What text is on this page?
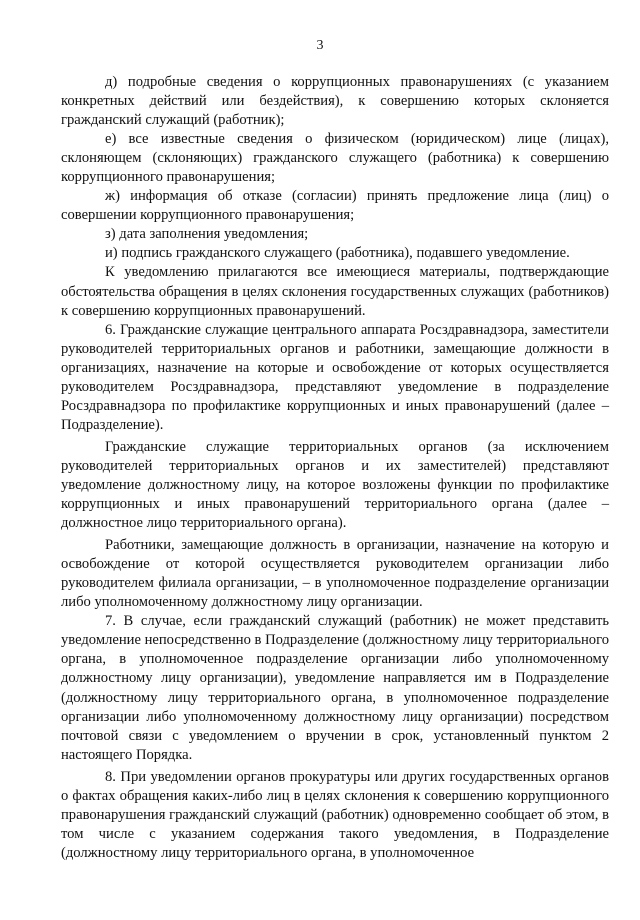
3

д) подробные сведения о коррупционных правонарушениях (с указанием конкретных действий или бездействия), к совершению которых склоняется гражданский служащий (работник);

е) все известные сведения о физическом (юридическом) лице (лицах), склоняющем (склоняющих) гражданского служащего (работника) к совершению коррупционного правонарушения;

ж) информация об отказе (согласии) принять предложение лица (лиц) о совершении коррупционного правонарушения;

з) дата заполнения уведомления;

и) подпись гражданского служащего (работника), подавшего уведомление.

К уведомлению прилагаются все имеющиеся материалы, подтверждающие обстоятельства обращения в целях склонения государственных служащих (работников) к совершению коррупционных правонарушений.

6. Гражданские служащие центрального аппарата Росздравнадзора, заместители руководителей территориальных органов и работники, замещающие должности в организациях, назначение на которые и освобождение от которых осуществляется руководителем Росздравнадзора, представляют уведомление в подразделение Росздравнадзора по профилактике коррупционных и иных правонарушений (далее – Подразделение).

Гражданские служащие территориальных органов (за исключением руководителей территориальных органов и их заместителей) представляют уведомление должностному лицу, на которое возложены функции по профилактике коррупционных и иных правонарушений территориального органа (далее – должностное лицо территориального органа).

Работники, замещающие должность в организации, назначение на которую и освобождение от которой осуществляется руководителем организации либо руководителем филиала организации, – в уполномоченное подразделение организации либо уполномоченному должностному лицу организации.

7. В случае, если гражданский служащий (работник) не может представить уведомление непосредственно в Подразделение (должностному лицу территориального органа, в уполномоченное подразделение организации либо уполномоченному должностному лицу организации), уведомление направляется им в Подразделение (должностному лицу территориального органа, в уполномоченное подразделение организации либо уполномоченному должностному лицу организации) посредством почтовой связи с уведомлением о вручении в срок, установленный пунктом 2 настоящего Порядка.

8. При уведомлении органов прокуратуры или других государственных органов о фактах обращения каких-либо лиц в целях склонения к совершению коррупционного правонарушения гражданский служащий (работник) одновременно сообщает об этом, в том числе с указанием содержания такого уведомления, в Подразделение (должностному лицу территориального органа, в уполномоченное
